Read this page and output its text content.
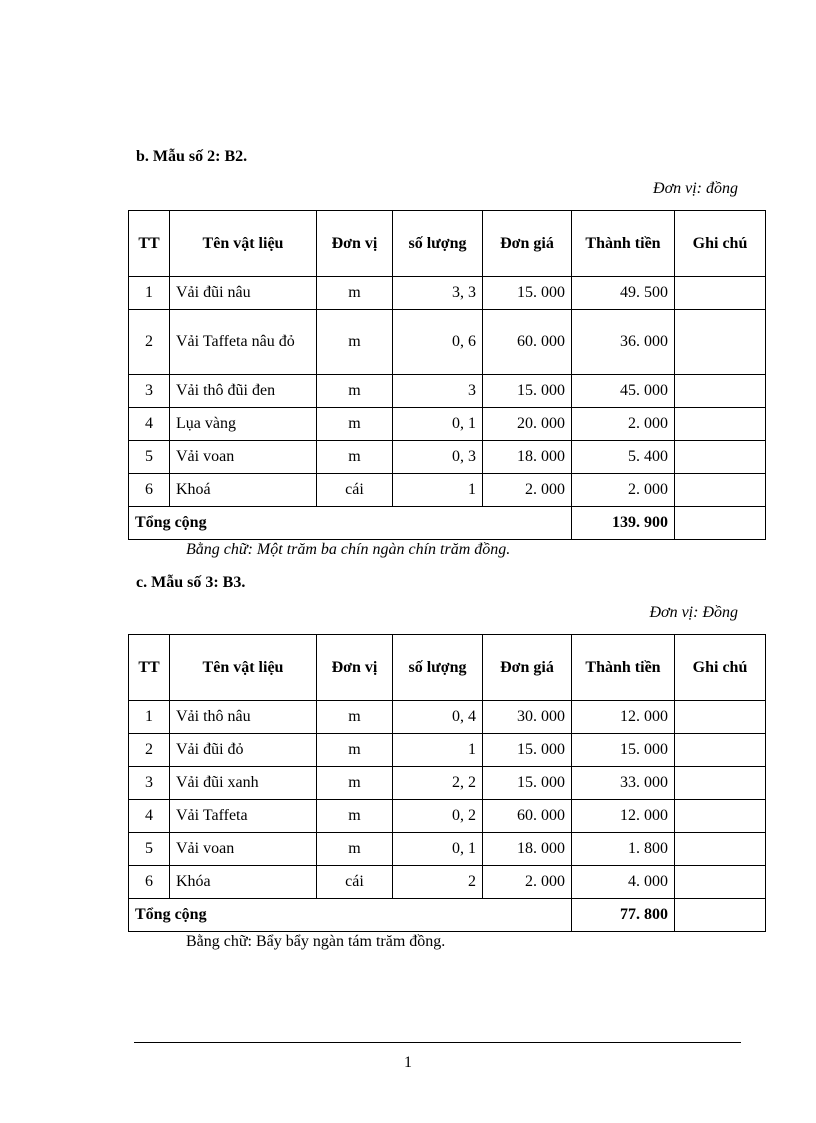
b. Mẫu số 2: B2.
Đơn vị: đồng
TT	Tên vật liệu	Đơn vị	số lượng	Đơn giá	Thành tiền	Ghi chú
1	Vải đũi nâu	m	3, 3	15. 000	49. 500	
2	Vải Taffeta nâu đỏ	m	0, 6	60. 000	36. 000	
3	Vải thô đũi đen	m	3	15. 000	45. 000	
4	Lụa vàng	m	0, 1	20. 000	2. 000	
5	Vải voan	m	0, 3	18. 000	5. 400	
6	Khoá	cái	1	2. 000	2. 000	
Tổng cộng					139. 900	
Bằng chữ: Một trăm ba chín ngàn chín trăm đồng.
c. Mẫu số 3: B3.
Đơn vị: Đồng
TT	Tên vật liệu	Đơn vị	số lượng	Đơn giá	Thành tiền	Ghi chú
1	Vải thô nâu	m	0, 4	30. 000	12. 000	
2	Vải đũi đỏ	m	1	15. 000	15. 000	
3	Vải đũi xanh	m	2, 2	15. 000	33. 000	
4	Vải Taffeta	m	0, 2	60. 000	12. 000	
5	Vải voan	m	0, 1	18. 000	1. 800	
6	Khóa	cái	2	2. 000	4. 000	
Tổng cộng					77. 800	
Bằng chữ: Bẩy bẩy ngàn tám trăm đồng.
1
